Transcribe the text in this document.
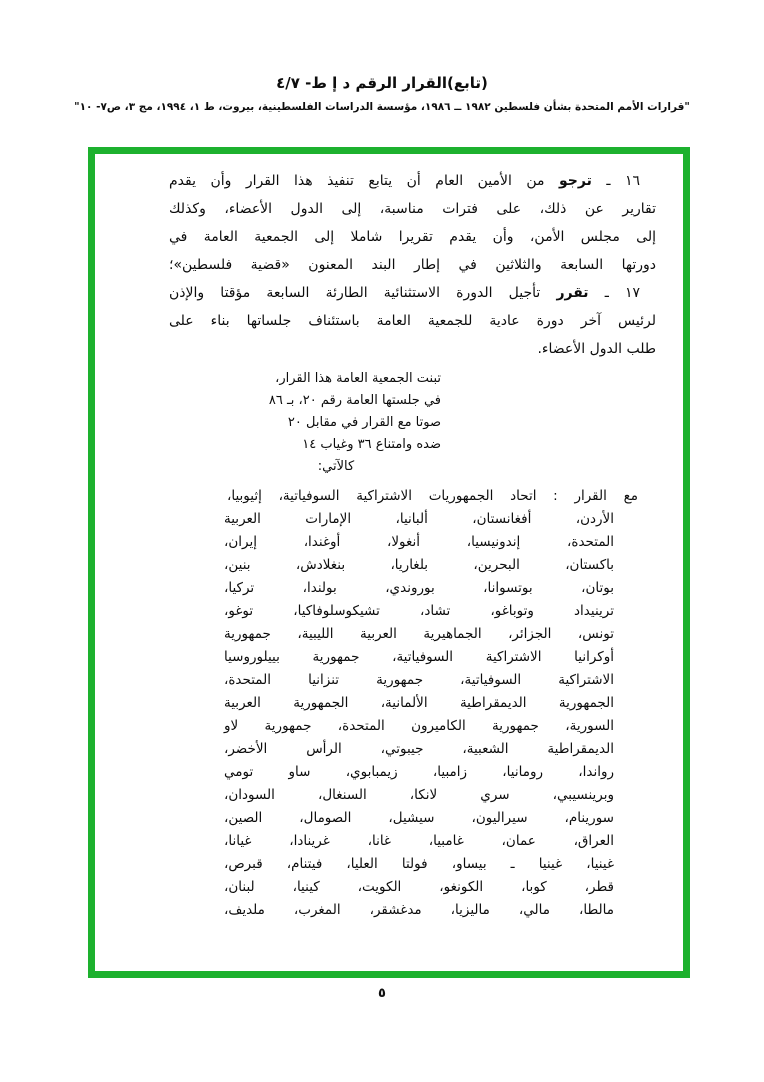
(تابع)القرار الرقم د إ ط- ٤/٧
"قرارات الأمم المتحدة بشأن فلسطين ١٩٨٢ ــ ١٩٨٦، مؤسسة الدراسات الفلسطينية، بيروت، ط ١، ١٩٩٤، مج ٣، ص٧- ١٠"
١٦ ـ ترجو من الأمين العام أن يتابع تنفيذ هذا القرار وأن يقدم
تقارير عن ذلك، على فترات مناسبة، إلى الدول الأعضاء، وكذلك
إلى مجلس الأمن، وأن يقدم تقريرا شاملا إلى الجمعية العامة في
دورتها السابعة والثلاثين في إطار البند المعنون «قضية فلسطين»؛
١٧ ـ تقرر تأجيل الدورة الاستثنائية الطارئة السابعة مؤقتا والإذن
لرئيس آخر دورة عادية للجمعية العامة باستئناف جلساتها بناء على
طلب الدول الأعضاء.
تبنت الجمعية العامة هذا القرار،
في جلستها العامة رقم ٢٠، بـ ٨٦
صوتا مع القرار في مقابل ٢٠
ضده وامتناع ٣٦ وغياب ١٤
كالآتي:
مع القرار : اتحاد الجمهوريات الاشتراكية السوفياتية، إثيوبيا،
الأردن، أفغانستان، ألبانيا، الإمارات العربية
المتحدة، إندونيسيا، أنغولا، أوغندا، إيران،
باكستان، البحرين، بلغاريا، بنغلادش، بنين،
بوتان، بوتسوانا، بوروندي، بولندا، تركيا،
ترينيداد وتوباغو، تشاد، تشيكوسلوفاكيا، توغو،
تونس، الجزائر، الجماهيرية العربية الليبية، جمهورية
أوكرانيا الاشتراكية السوفياتية، جمهورية بييلوروسيا
الاشتراكية السوفياتية، جمهورية تنزانيا المتحدة،
الجمهورية الديمقراطية الألمانية، الجمهورية العربية
السورية، جمهورية الكاميرون المتحدة، جمهورية لاو
الديمقراطية الشعبية، جيبوتي، الرأس الأخضر،
رواندا، رومانيا، زامبيا، زيمبابوي، ساو تومي
وبرينسيبي، سري لانكا، السنغال، السودان،
سورينام، سيراليون، سيشيل، الصومال، الصين،
العراق، عمان، غامبيا، غانا، غرينادا، غيانا،
غينيا، غينيا ـ بيساو، فولتا العليا، فيتنام، قبرص،
قطر، كوبا، الكونغو، الكويت، كينيا، لبنان،
مالطا، مالي، ماليزيا، مدغشقر، المغرب، ملديف،
٥
